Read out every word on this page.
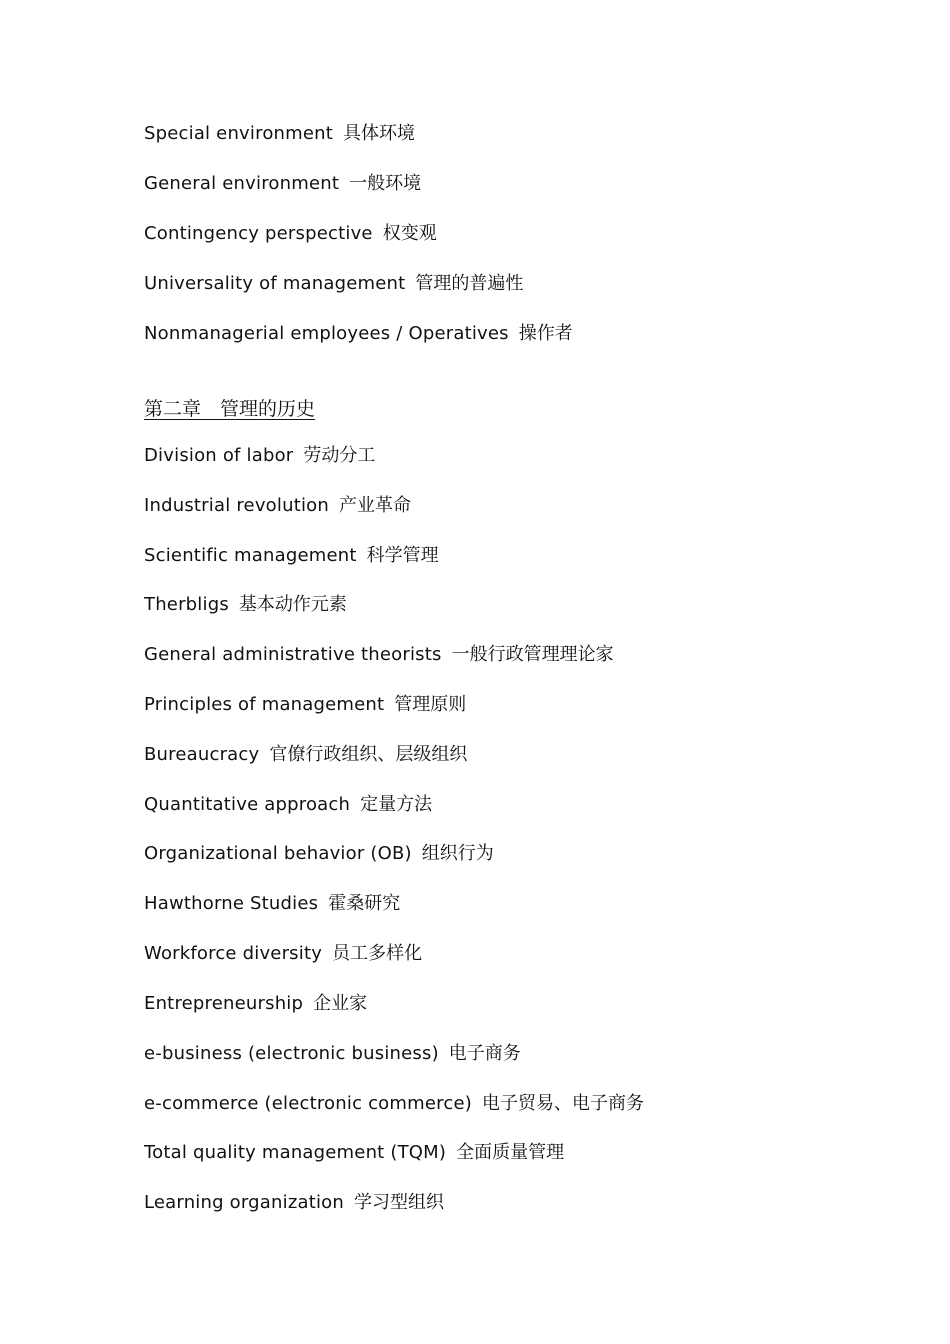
Special environment 具体环境
General environment 一般环境
Contingency perspective 权变观
Universality of management 管理的普遍性
Nonmanagerial employees / Operatives 操作者
第二章　管理的历史
Division of labor 劳动分工
Industrial revolution 产业革命
Scientific management 科学管理
Therbligs 基本动作元素
General administrative theorists 一般行政管理理论家
Principles of management 管理原则
Bureaucracy 官僚行政组织、层级组织
Quantitative approach 定量方法
Organizational behavior (OB) 组织行为
Hawthorne Studies 霍桑研究
Workforce diversity 员工多样化
Entrepreneurship 企业家
e-business (electronic business) 电子商务
e-commerce (electronic commerce) 电子贸易、电子商务
Total quality management (TQM) 全面质量管理
Learning organization 学习型组织
